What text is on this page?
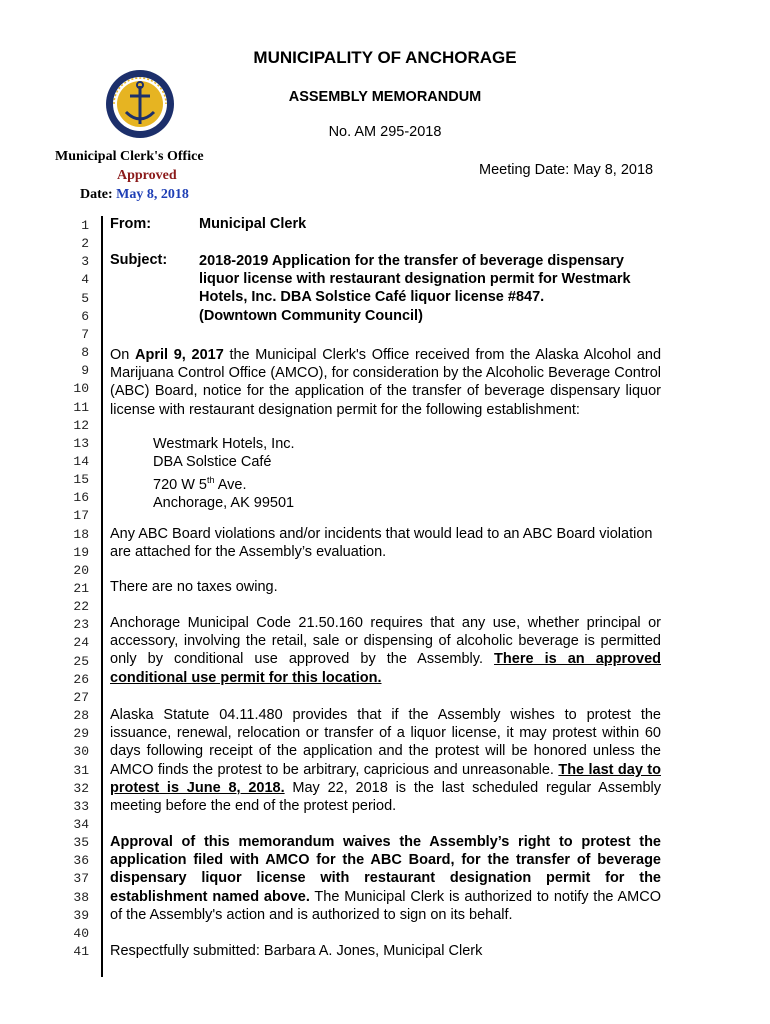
MUNICIPALITY OF ANCHORAGE
ASSEMBLY MEMORANDUM
No. AM 295-2018
Meeting Date: May 8, 2018
Municipal Clerk's Office
Approved
Date: May 8, 2018
1
2
3
4
5
6
7
8
9
10
11
12
13
14
15
16
17
18
19
20
21
22
23
24
25
26
27
28
29
30
31
32
33
34
35
36
37
38
39
40
41
From:	Municipal Clerk
Subject: 2018-2019 Application for the transfer of beverage dispensary
liquor license with restaurant designation permit for Westmark
Hotels, Inc. DBA Solstice Café liquor license #847.
(Downtown Community Council)
On April 9, 2017 the Municipal Clerk's Office received from the Alaska Alcohol and Marijuana Control Office (AMCO), for consideration by the Alcoholic Beverage Control (ABC) Board, notice for the application of the transfer of beverage dispensary liquor license with restaurant designation permit for the following establishment:
Westmark Hotels, Inc.
DBA Solstice Café
720 W 5th Ave.
Anchorage, AK 99501
Any ABC Board violations and/or incidents that would lead to an ABC Board violation are attached for the Assembly’s evaluation.
There are no taxes owing.
Anchorage Municipal Code 21.50.160 requires that any use, whether principal or accessory, involving the retail, sale or dispensing of alcoholic beverage is permitted only by conditional use approved by the Assembly. There is an approved conditional use permit for this location.
Alaska Statute 04.11.480 provides that if the Assembly wishes to protest the issuance, renewal, relocation or transfer of a liquor license, it may protest within 60 days following receipt of the application and the protest will be honored unless the AMCO finds the protest to be arbitrary, capricious and unreasonable. The last day to protest is June 8, 2018. May 22, 2018 is the last scheduled regular Assembly meeting before the end of the protest period.
Approval of this memorandum waives the Assembly’s right to protest the application filed with AMCO for the ABC Board, for the transfer of beverage dispensary liquor license with restaurant designation permit for the establishment named above. The Municipal Clerk is authorized to notify the AMCO of the Assembly's action and is authorized to sign on its behalf.
Respectfully submitted: Barbara A. Jones, Municipal Clerk
